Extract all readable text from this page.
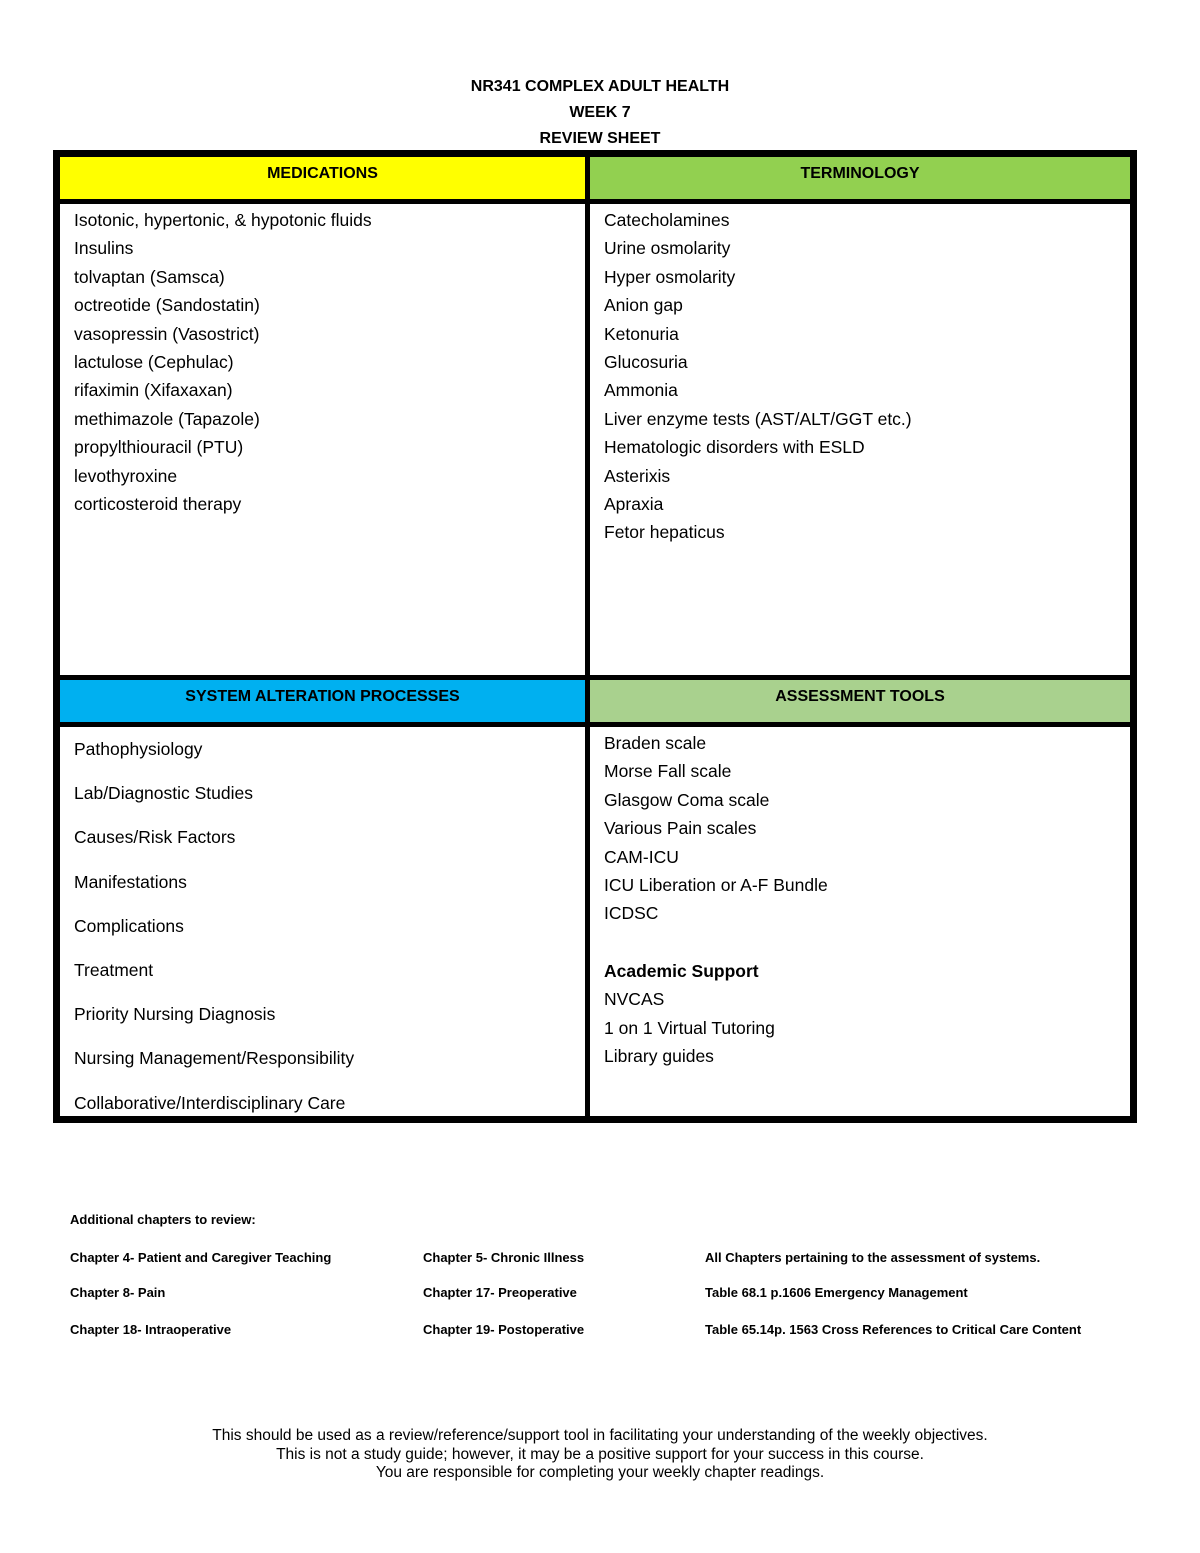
NR341 COMPLEX ADULT HEALTH
WEEK 7
REVIEW SHEET
MEDICATIONS	TERMINOLOGY
Isotonic, hypertonic, & hypotonic fluids
Insulins
tolvaptan (Samsca)
octreotide (Sandostatin)
vasopressin (Vasostrict)
lactulose (Cephulac)
rifaximin (Xifaxaxan)
methimazole (Tapazole)
propylthiouracil (PTU)
levothyroxine
corticosteroid therapy
Catecholamines
Urine osmolarity
Hyper osmolarity
Anion gap
Ketonuria
Glucosuria
Ammonia
Liver enzyme tests (AST/ALT/GGT etc.)
Hematologic disorders with ESLD
Asterixis
Apraxia
Fetor hepaticus
SYSTEM ALTERATION PROCESSES	ASSESSMENT TOOLS
Pathophysiology
Lab/Diagnostic Studies
Causes/Risk Factors
Manifestations
Complications
Treatment
Priority Nursing Diagnosis
Nursing Management/Responsibility
Collaborative/Interdisciplinary Care
Braden scale
Morse Fall scale
Glasgow Coma scale
Various Pain scales
CAM-ICU
ICU Liberation or A-F Bundle
ICDSC
Academic Support
NVCAS
1 on 1 Virtual Tutoring
Library guides
Additional chapters to review:
Chapter 4- Patient and Caregiver Teaching	Chapter 5- Chronic Illness	All Chapters pertaining to the assessment of systems.
Chapter 8- Pain	Chapter 17- Preoperative	Table 68.1 p.1606 Emergency Management
Chapter 18- Intraoperative	Chapter 19- Postoperative	Table 65.14p. 1563 Cross References to Critical Care Content
This should be used as a review/reference/support tool in facilitating your understanding of the weekly objectives.
This is not a study guide; however, it may be a positive support for your success in this course.
You are responsible for completing your weekly chapter readings.
